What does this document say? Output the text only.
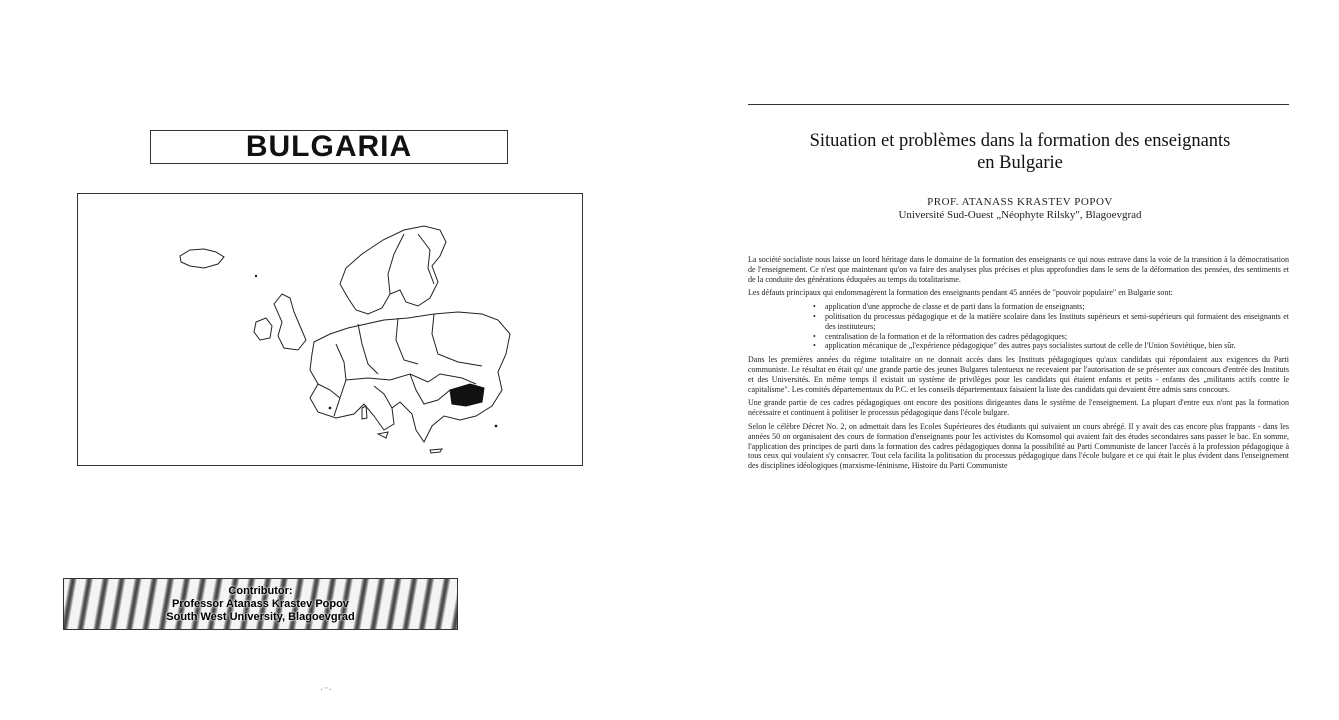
BULGARIA
Contributor:
Professor Atanass Krastev Popov
South West University, Blagoevgrad
·⁻·
Situation et problèmes dans la formation des enseignants
en Bulgarie
PROF. ATANASS KRASTEV POPOV
Université Sud-Ouest „Néophyte Rilsky", Blagoevgrad

La société socialiste nous laisse un lourd héritage dans le domaine de la formation des enseignants ce qui nous entrave dans la voie de la transition à la démocratisation de l'enseignement. Ce n'est que maintenant qu'on va faire des analyses plus précises et plus approfondies dans le sens de la déformation des pensées, des sentiments et de la conduite des générations éduquées au temps du totalitarisme.

Les défauts principaux qui endommagèrent la formation des enseignants pendant 45 années de "pouvoir populaire" en Bulgarie sont:

• application d'une approche de classe et de parti dans la formation de enseignants;
• politisation du processus pédagogique et de la matière scolaire dans les Instituts supérieurs et semi-supérieurs qui formaient des enseignants et des instituteurs;
• centralisation de la formation et de la réformation des cadres pédagogiques;
• application mécanique de „l'expérience pédagogique" des autres pays socialistes surtout de celle de l'Union Soviétique, bien sûr.

Dans les premières années du régime totalitaire on ne donnait accès dans les Instituts pédagogiques qu'aux candidats qui répondaient aux exigences du Parti communiste. Le résultat en était qu' une grande partie des jeunes Bulgares talentueux ne recevaient par l'autorisation de se présenter aux concours d'entrée des Instituts et des Universités. En même temps il existait un système de privilèges pour les candidats qui étaient enfants et petits - enfants des „militants actifs contre le capitalisme". Les comités départementaux du P.C. et les conseils départementaux faisaient la liste des candidats qui devaient être admis sans concours.

Une grande partie de ces cadres pédagogiques ont encore des positions dirigeantes dans le système de l'enseignement. La plupart d'entre eux n'ont pas la formation nécessaire et continuent à politiser le processus pédagogique dans l'école bulgare.

Selon le célèbre Décret No. 2, on admettait dans les Ecoles Supérieures des étudiants qui suivaient un cours abrégé. Il y avait des cas encore plus frappants - dans les années 50 on organisaient des cours de formation d'enseignants pour les activistes du Komsomol qui avaient fait des études secondaires sans passer le bac. En somme, l'application des principes de parti dans la formation des cadres pédagogiques donna la possibilité au Parti Communiste de lancer l'accès à la profession pédagogique à tous ceux qui voulaient s'y consacrer. Tout cela facilita la politisation du processus pédagogique dans l'école bulgare et ce qui était le plus évident dans l'enseignement des disciplines idéologiques (marxisme-léninisme, Histoire du Parti Communiste
